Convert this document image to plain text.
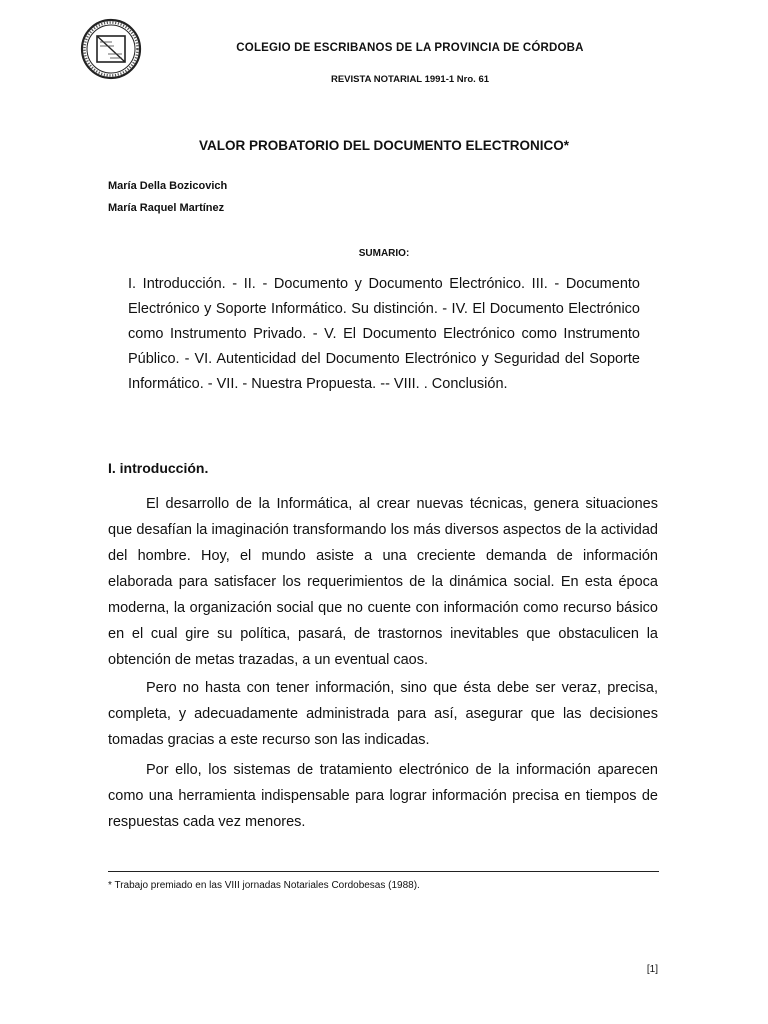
COLEGIO DE ESCRIBANOS DE LA PROVINCIA DE CÓRDOBA
REVISTA NOTARIAL 1991-1 Nro. 61
VALOR PROBATORIO DEL DOCUMENTO ELECTRONICO*
María Della Bozicovich
María Raquel Martínez
SUMARIO:

I. Introducción. - II. - Documento y Documento Electrónico. III. - Documento Electrónico y Soporte Informático. Su distinción. - IV. El Documento Electrónico como Instrumento Privado. - V. El Documento Electrónico como Instrumento Público. - VI. Autenticidad del Documento Electrónico y Seguridad del Soporte Informático. - VII. - Nuestra Propuesta. -- VIII. . Conclusión.

I. introducción.

El desarrollo de la Informática, al crear nuevas técnicas, genera situaciones que desafían la imaginación transformando los más diversos aspectos de la actividad del hombre. Hoy, el mundo asiste a una creciente demanda de información elaborada para satisfacer los requerimientos de la dinámica social. En esta época moderna, la organización social que no cuente con información como recurso básico en el cual gire su política, pasará, de trastornos inevitables que obstaculicen la obtención de metas trazadas, a un eventual caos.

Pero no hasta con tener información, sino que ésta debe ser veraz, precisa, completa, y adecuadamente administrada para así, asegurar que las decisiones tomadas gracias a este recurso son las indicadas.

Por ello, los sistemas de tratamiento electrónico de la información aparecen como una herramienta indispensable para lograr información precisa en tiempos de respuestas cada vez menores.

* Trabajo premiado en las VIII jornadas Notariales Cordobesas (1988).
[1]
